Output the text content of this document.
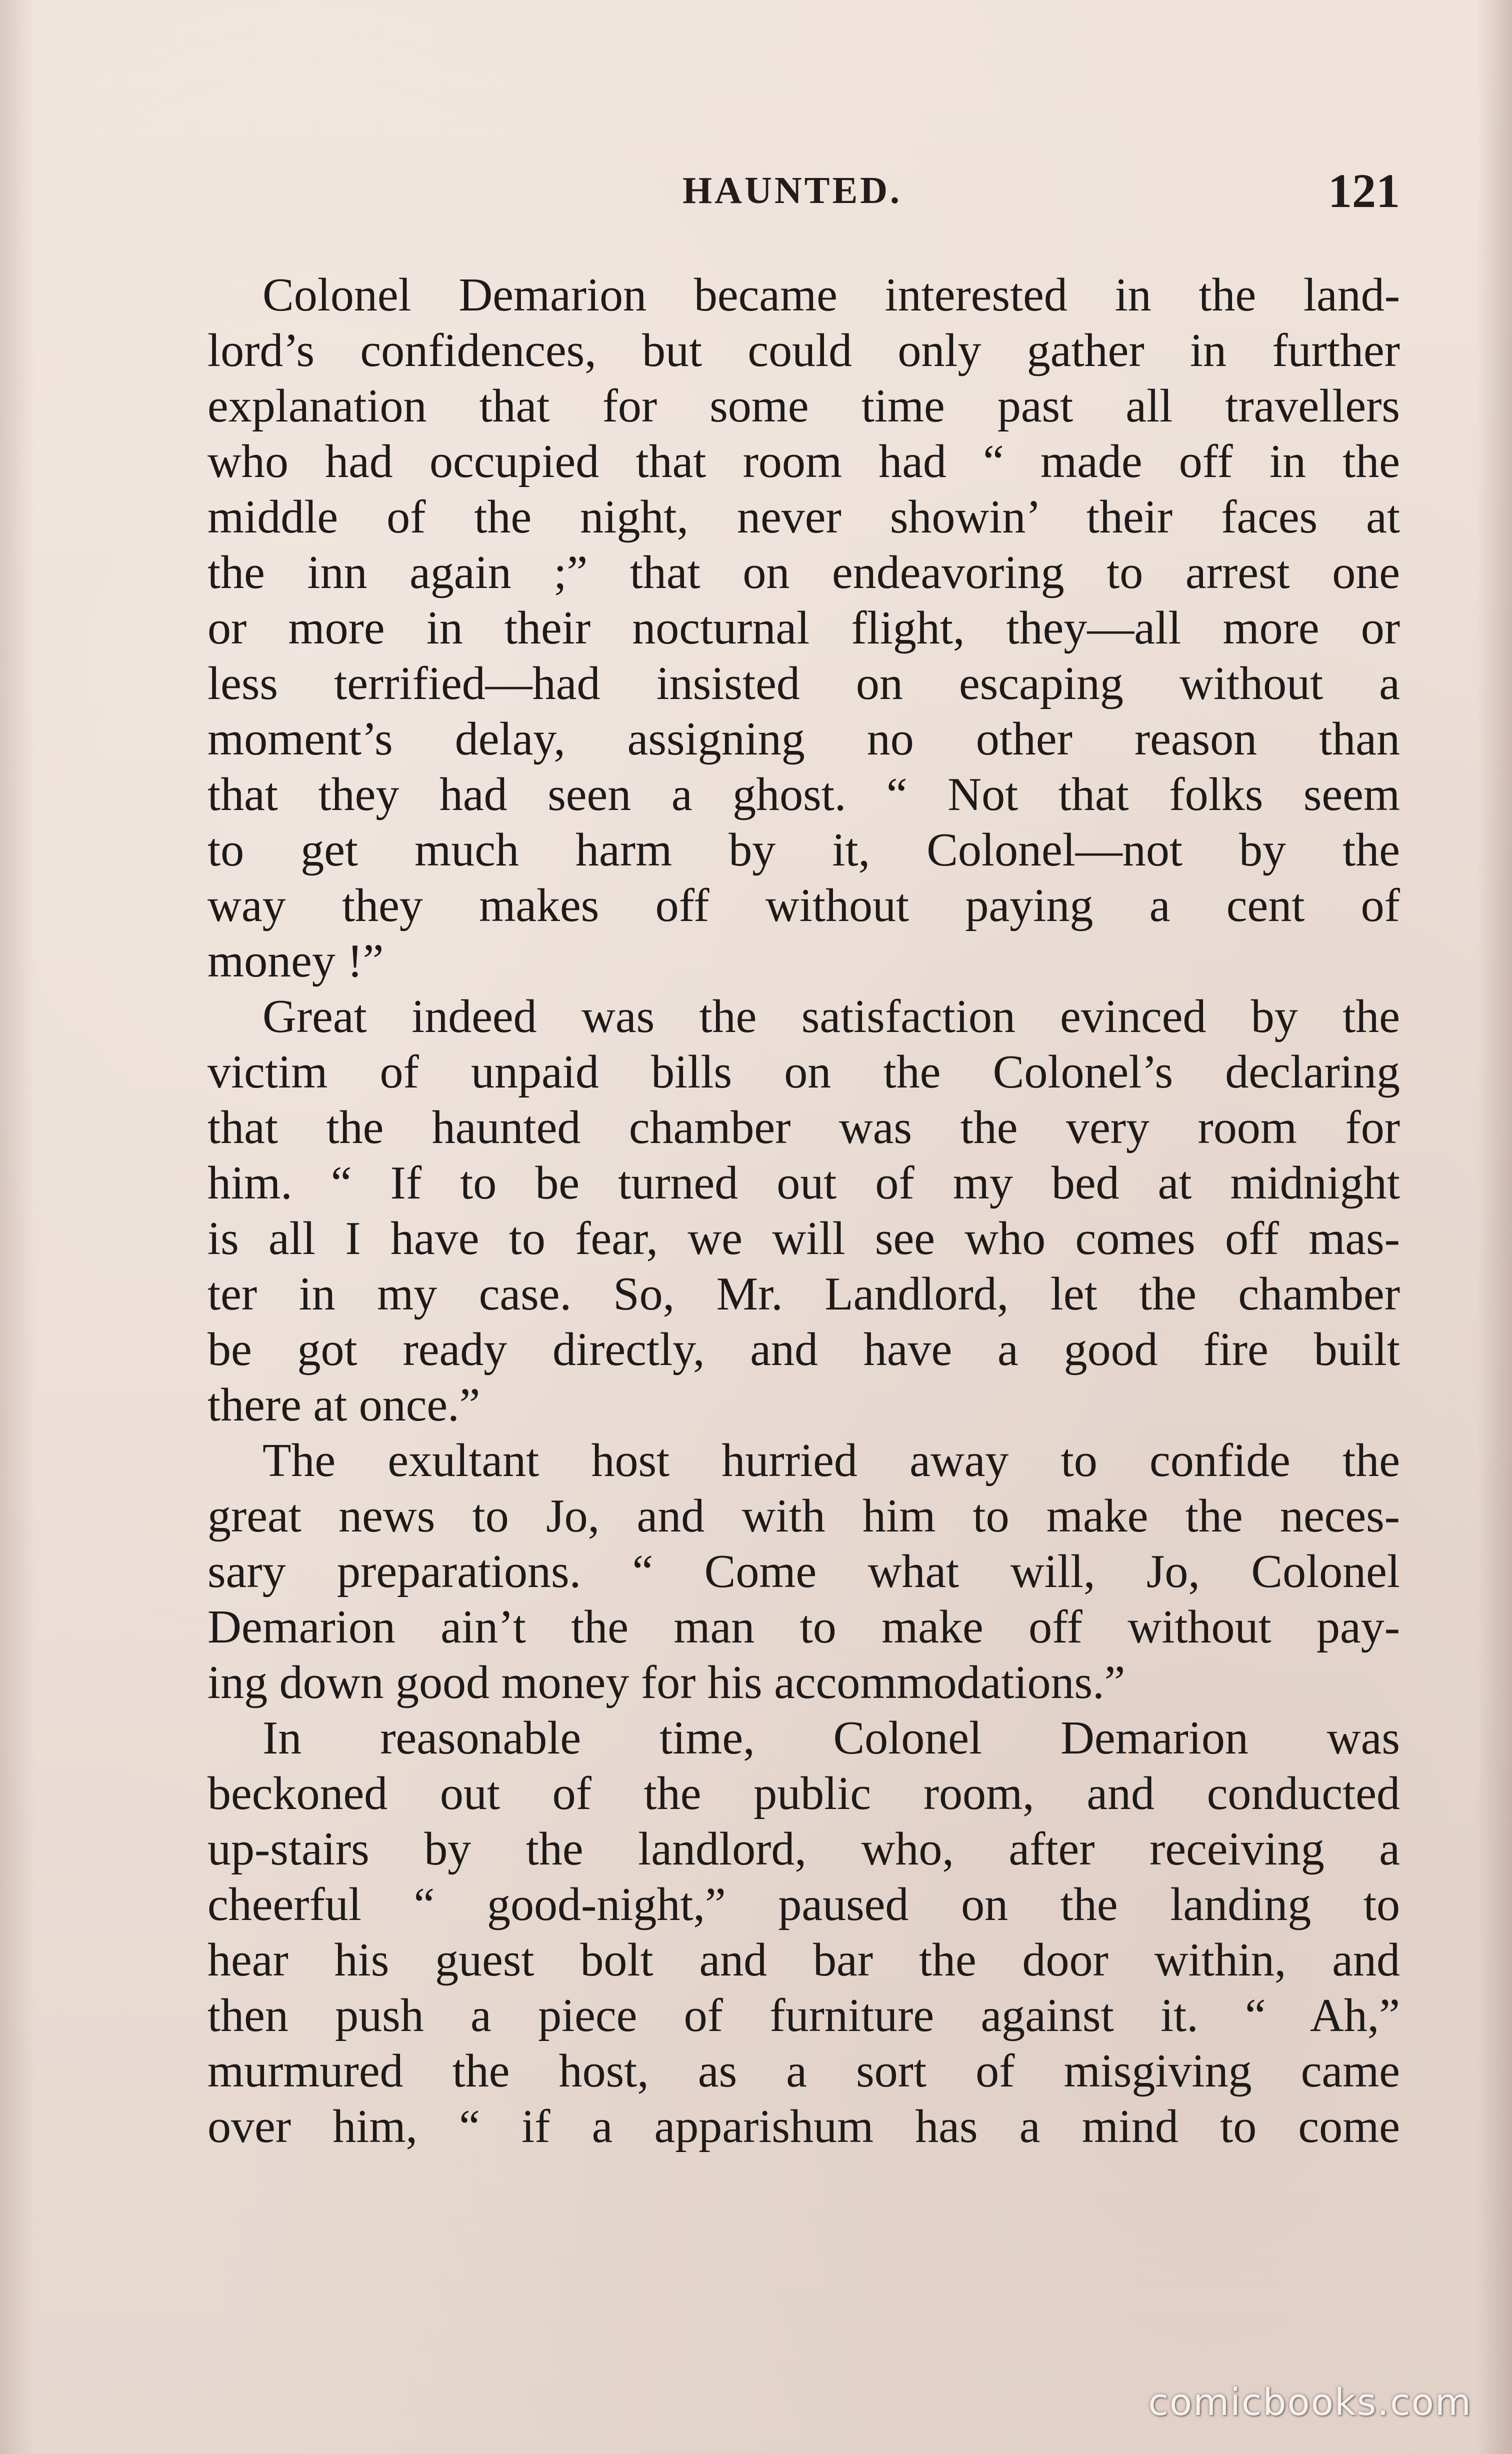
HAUNTED.	121
Colonel Demarion became interested in the land-
lord’s confidences, but could only gather in further
explanation that for some time past all travellers
who had occupied that room had “ made off in the
middle of the night, never showin’ their faces at
the inn again ;” that on endeavoring to arrest one
or more in their nocturnal flight, they—all more or
less terrified—had insisted on escaping without a
moment’s delay, assigning no other reason than
that they had seen a ghost. “ Not that folks seem
to get much harm by it, Colonel—not by the
way they makes off without paying a cent of
money !”
Great indeed was the satisfaction evinced by the
victim of unpaid bills on the Colonel’s declaring
that the haunted chamber was the very room for
him. “ If to be turned out of my bed at midnight
is all I have to fear, we will see who comes off mas-
ter in my case. So, Mr. Landlord, let the chamber
be got ready directly, and have a good fire built
there at once.”
The exultant host hurried away to confide the
great news to Jo, and with him to make the neces-
sary preparations. “ Come what will, Jo, Colonel
Demarion ain’t the man to make off without pay-
ing down good money for his accommodations.”
In reasonable time, Colonel Demarion was
beckoned out of the public room, and conducted
up-stairs by the landlord, who, after receiving a
cheerful “ good-night,” paused on the landing to
hear his guest bolt and bar the door within, and
then push a piece of furniture against it. “ Ah,”
murmured the host, as a sort of misgiving came
over him, “ if a apparishum has a mind to come
comicbooks.com
